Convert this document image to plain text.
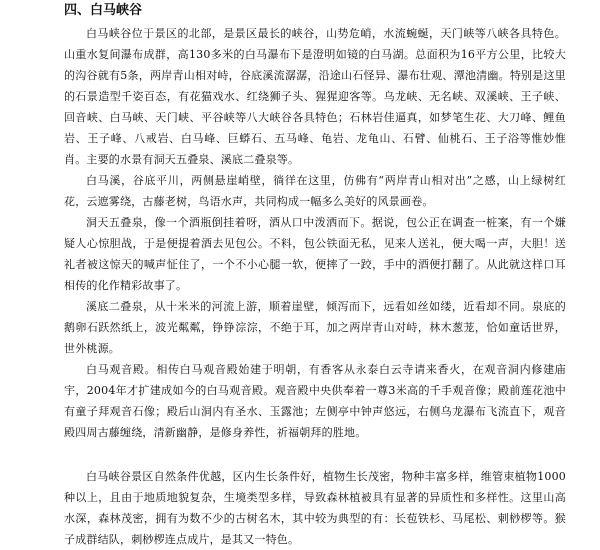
四、白马峡谷

白马峡谷位于景区的北部，是景区最长的峡谷，山势危峭，水流蜿蜒，天门峡等八峡各具特色。山重水复间瀑布成群，高130多米的白马瀑布下是澄明如镜的白马湖。总面积为16平方公里，比较大的沟谷就有5条，两岸青山相对峙，谷底溪流潺潺，沿途山石怪异、瀑布壮观、潭池清幽。特别是这里的石景造型千姿百态，有花猫戏水、红绕狮子头、猩猩迎客等。乌龙峡、无名峡、双溪峡、王子峡、回音峡、白马峡、天门峡、平谷峡等八大峡谷各具特色；石林岩佳逼真，如梦笔生花、大刀峰、鲤鱼岩、王子峰、八戒岩、白马峰、巨蟒石、五马峰、龟岩、龙龟山、石臂、仙桃石、王子浴等惟妙惟肖。主要的水景有洞天五叠泉、溪底二叠泉等。

白马溪，谷底平川，两侧悬崖峭壁，徜徉在这里，仿佛有“两岸青山相对出”之感，山上绿树红花，云遮雾绕，古藤老树，鸟语水声，共同构成一幅多么美好的风景画卷。

洞天五叠泉，像一个酒瓶倒挂着呀，酒从口中泼洒而下。据说，包公正在调查一桩案，有一个嫌疑人心惊胆战，于是便提着酒去见包公。不料，包公铁面无私，见来人送礼，便大喝一声，大胆！送礼者被这惊天的喊声怔住了，一个不小心腿一软，便摔了一跤，手中的酒便打翻了。从此就这样口耳相传的化作精彩故事了。

溪底二叠泉，从十米米的河流上游，顺着崖壁，倾泻而下，远看如丝如缕，近看却不同。泉底的鹅卵石跃然纸上，波光粼粼，铮铮淙淙，不绝于耳，加之两岸青山对峙，林木葱茏，恰如童话世界，世外桃源。

白马观音殿。相传白马观音殿始建于明朝，有香客从永泰白云寺请来香火，在观音洞内修建庙宇，2004年才扩建成如今的白马观音殿。观音殿中央供奉着一尊3米高的千手观音像；殿前莲花池中有童子拜观音石像；殿后山洞内有圣水、玉露池；左侧亭中钟声悠远，右侧乌龙瀑布飞流直下，观音殿四周古藤缠绕，清新幽静，是修身养性，祈福朝拜的胜地。

白马峡谷景区自然条件优越，区内生长条件好，植物生长茂密，物种丰富多样，维管束植物1000种以上，且由于地质地貌复杂，生境类型多样，导致森林植被具有显著的异质性和多样性。这里山高水深，森林茂密，拥有为数不少的古树名木，其中较为典型的有：长苞铁杉、马尾松、刺桫椤等。猴子成群结队，刺桫椤连点成片，是其又一特色。
